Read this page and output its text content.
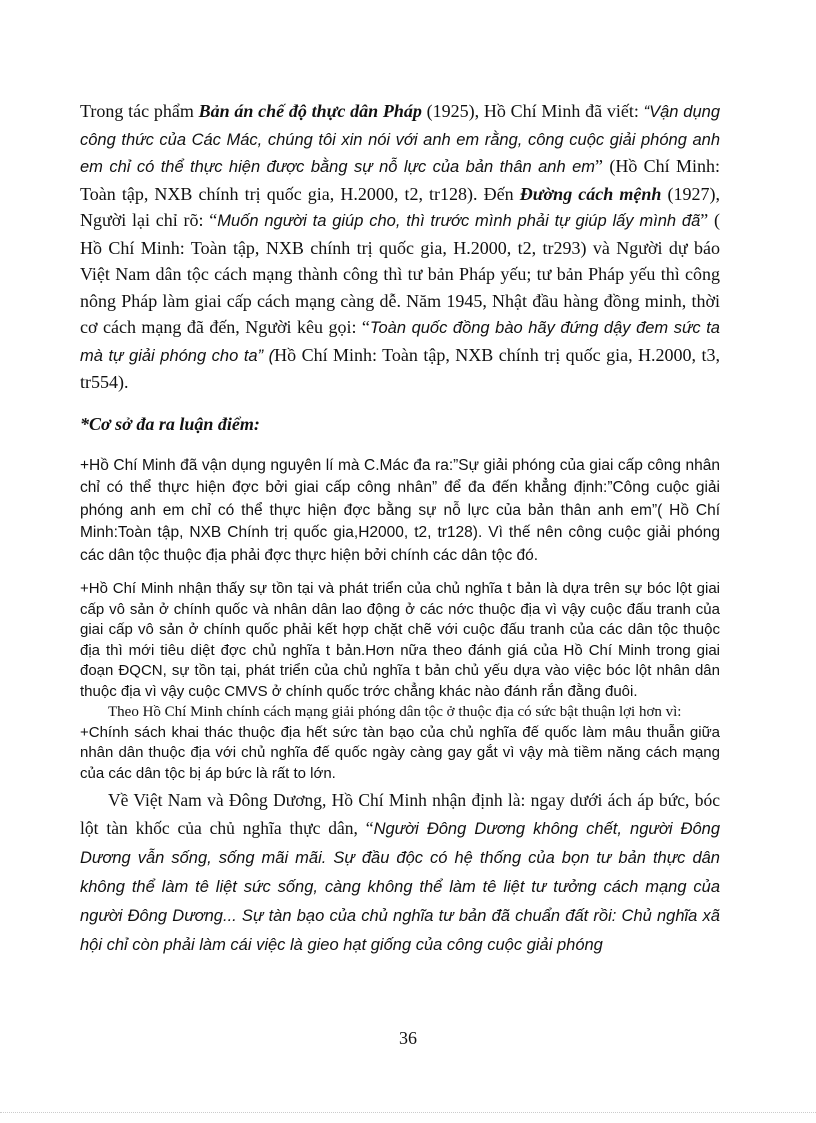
Trong tác phẩm Bản án chế độ thực dân Pháp (1925), Hồ Chí Minh đã viết: “Vận dụng công thức của Các Mác, chúng tôi xin nói với anh em rằng, công cuộc giải phóng anh em chỉ có thể thực hiện được bằng sự nỗ lực của bản thân anh em” (Hồ Chí Minh: Toàn tập, NXB chính trị quốc gia, H.2000, t2, tr128). Đến Đường cách mệnh (1927), Người lại chỉ rõ: “Muốn người ta giúp cho, thì trước mình phải tự giúp lấy mình đã” ( Hồ Chí Minh: Toàn tập, NXB chính trị quốc gia, H.2000, t2, tr293) và Người dự báo Việt Nam dân tộc cách mạng thành công thì tư bản Pháp yếu; tư bản Pháp yếu thì công nông Pháp làm giai cấp cách mạng càng dễ. Năm 1945, Nhật đầu hàng đồng minh, thời cơ cách mạng đã đến, Người kêu gọi: “Toàn quốc đồng bào hãy đứng dậy đem sức ta mà tự giải phóng cho ta” (Hồ Chí Minh: Toàn tập, NXB chính trị quốc gia, H.2000, t3, tr554).

*Cơ sở đa ra luận điểm:

+Hồ Chí Minh đã vận dụng nguyên lí mà C.Mác đa ra:”Sự giải phóng của giai cấp công nhân chỉ có thể thực hiện đợc bởi giai cấp công nhân” để đa đến khẳng định:”Công cuộc giải phóng anh em chỉ có thể thực hiện đợc bằng sự nỗ lực của bản thân anh em”( Hồ Chí Minh:Toàn tập, NXB Chính trị quốc gia,H2000, t2, tr128). Vì thế nên công cuộc giải phóng các dân tộc thuộc địa phải đợc thực hiện bởi chính các dân tộc đó.

+Hồ Chí Minh nhận thấy sự tồn tại và phát triển của chủ nghĩa t bản là dựa trên sự bóc lột giai cấp vô sản ở chính quốc và nhân dân lao động ở các nớc thuộc địa vì vậy cuộc đấu tranh của giai cấp vô sản ở chính quốc phải kết hợp chặt chẽ với cuộc đấu tranh của các dân tộc thuộc địa thì mới tiêu diệt đợc chủ nghĩa t bản.Hơn nữa theo đánh giá của Hồ Chí Minh trong giai đoạn ĐQCN, sự tồn tại, phát triển của chủ nghĩa t bản chủ yếu dựa vào việc bóc lột nhân dân thuộc địa vì vậy cuộc CMVS ở chính quốc trớc chẳng khác nào đánh rắn đằng đuôi.

Theo Hồ Chí Minh chính cách mạng giải phóng dân tộc ở thuộc địa có sức bật thuận lợi hơn vì:

+Chính sách khai thác thuộc địa hết sức tàn bạo của chủ nghĩa đế quốc làm mâu thuẫn giữa nhân dân thuộc địa với chủ nghĩa đế quốc ngày càng gay gắt vì vậy mà tiềm năng cách mạng của các dân tộc bị áp bức là rất to lớn.

Về Việt Nam và Đông Dương, Hồ Chí Minh nhận định là: ngay dưới ách áp bức, bóc lột tàn khốc của chủ nghĩa thực dân, “Người Đông Dương không chết, người Đông Dương vẫn sống, sống mãi mãi. Sự đầu độc có hệ thống của bọn tư bản thực dân không thể làm tê liệt sức sống, càng không thể làm tê liệt tư tưởng cách mạng của người Đông Dương... Sự tàn bạo của chủ nghĩa tư bản đã chuẩn đất rồi: Chủ nghĩa xã hội chỉ còn phải làm cái việc là gieo hạt giống của công cuộc giải phóng

36
